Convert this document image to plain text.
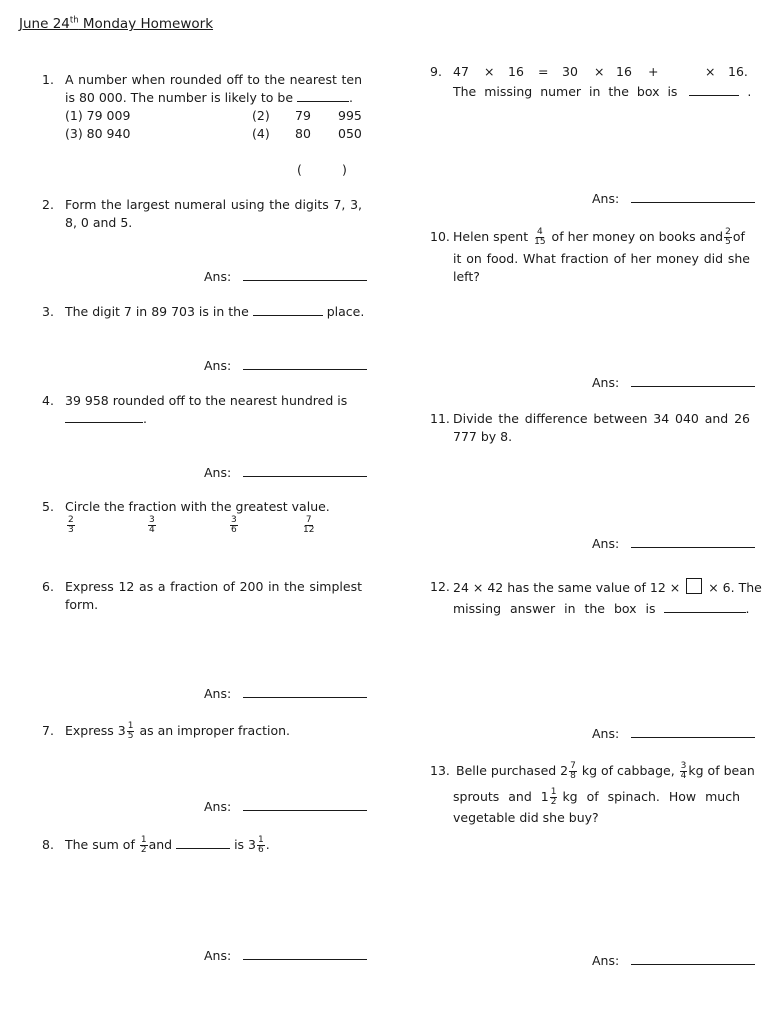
June 24th Monday Homework
1. A number when rounded off to the nearest ten is 80 000. The number is likely to be	.
(1) 79 009	(2) 79 995
(3) 80 940	(4) 80 050
(	)
2. Form the largest numeral using the digits 7, 3, 8, 0 and 5.
Ans:
3. The digit 7 in 89 703 is in the	place.
Ans:
4. 39 958 rounded off to the nearest hundred is
.
Ans:
5. Circle the fraction with the greatest value.
$\frac{2}{3}$	$\frac{3}{4}$	$\frac{3}{6}$	$\frac{7}{12}$
6. Express 12 as a fraction of 200 in the simplest form.
Ans:
7. Express $3 \frac{1}{5}$ as an improper fraction.
Ans:
8. The sum of $\frac{1}{2}$ and	is $3 \frac{1}{6}$ .
Ans:
9. 47 × 16 = 30 × 16 +	× 16.
The missing numer in the box is	.
Ans:
10. Helen spent $\frac{4}{15}$ of her money on books and $\frac{2}{5}$ of
it on food. What fraction of her money did she left?
Ans:
11. Divide the difference between 34 040 and 26 777 by 8.
Ans:
12. 24 × 42 has the same value of 12 × × 6. The
missing answer in the box is	.
Ans:
13. Belle purchased $2 \frac{7}{8}$ kg of cabbage, $\frac{3}{4}$ kg of bean
sprouts and $1 \frac{1}{2}$ kg of spinach. How much
vegetable did she buy?
Ans:
